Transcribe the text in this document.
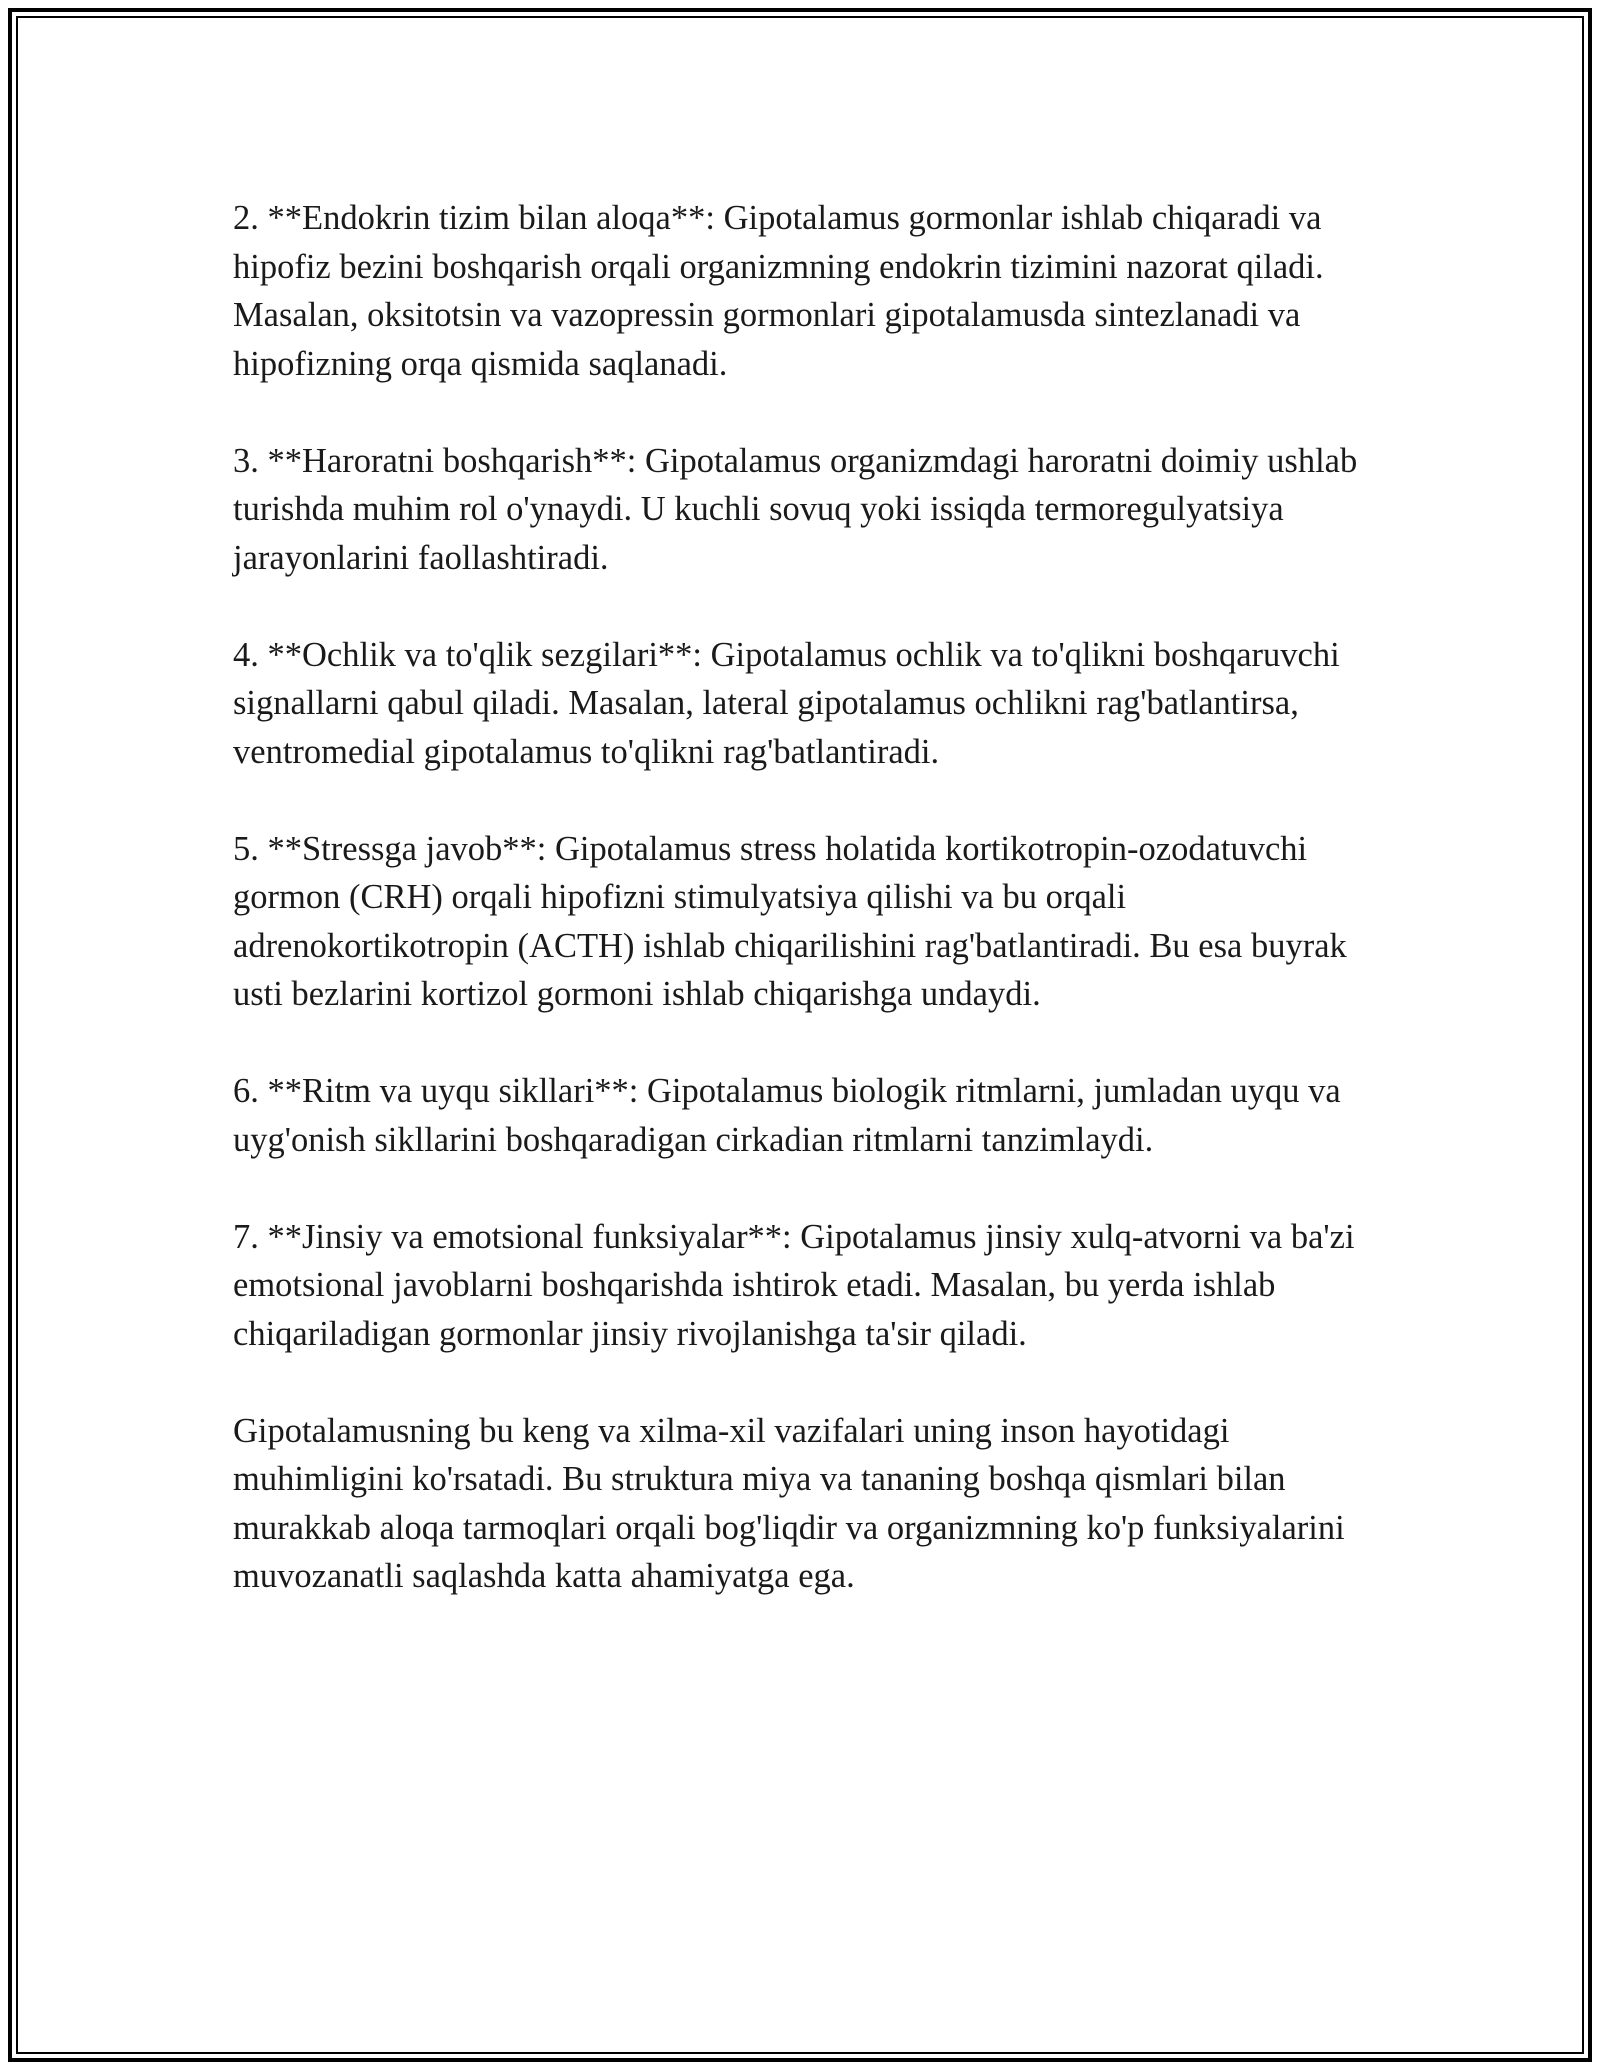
2. **Endokrin tizim bilan aloqa**: Gipotalamus gormonlar ishlab chiqaradi va hipofiz bezini boshqarish orqali organizmning endokrin tizimini nazorat qiladi. Masalan, oksitotsin va vazopressin gormonlari gipotalamusda sintezlanadi va hipofizning orqa qismida saqlanadi.

3. **Haroratni boshqarish**: Gipotalamus organizmdagi haroratni doimiy ushlab turishda muhim rol o'ynaydi. U kuchli sovuq yoki issiqda termoregulyatsiya jarayonlarini faollashtiradi.

4. **Ochlik va to'qlik sezgilari**: Gipotalamus ochlik va to'qlikni boshqaruvchi signallarni qabul qiladi. Masalan, lateral gipotalamus ochlikni rag'batlantirsa, ventromedial gipotalamus to'qlikni rag'batlantiradi.

5. **Stressga javob**: Gipotalamus stress holatida kortikotropin-ozodatuvchi gormon (CRH) orqali hipofizni stimulyatsiya qilishi va bu orqali adrenokortikotropin (ACTH) ishlab chiqarilishini rag'batlantiradi. Bu esa buyrak usti bezlarini kortizol gormoni ishlab chiqarishga undaydi.

6. **Ritm va uyqu sikllari**: Gipotalamus biologik ritmlarni, jumladan uyqu va uyg'onish sikllarini boshqaradigan cirkadian ritmlarni tanzimlaydi.

7. **Jinsiy va emotsional funksiyalar**: Gipotalamus jinsiy xulq-atvorni va ba'zi emotsional javoblarni boshqarishda ishtirok etadi. Masalan, bu yerda ishlab chiqariladigan gormonlar jinsiy rivojlanishga ta'sir qiladi.

Gipotalamusning bu keng va xilma-xil vazifalari uning inson hayotidagi muhimligini ko'rsatadi. Bu struktura miya va tananing boshqa qismlari bilan murakkab aloqa tarmoqlari orqali bog'liqdir va organizmning ko'p funksiyalarini muvozanatli saqlashda katta ahamiyatga ega.
